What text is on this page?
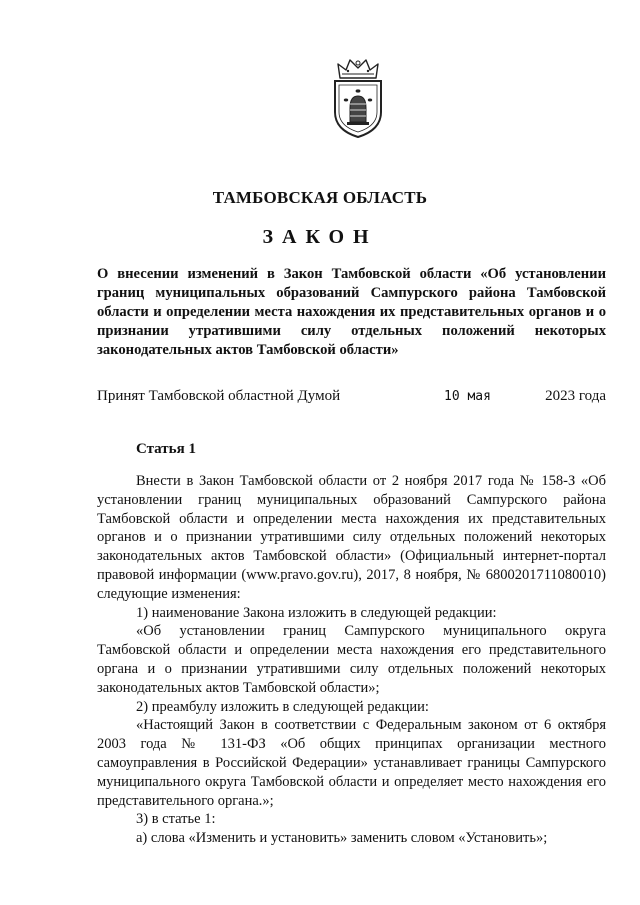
ТАМБОВСКАЯ ОБЛАСТЬ
ЗАКОН
О внесении изменений в Закон Тамбовской области «Об установлении границ муниципальных образований Сампурского района Тамбовской области и определении места нахождения их представительных органов и о признании утратившими силу отдельных положений некоторых законодательных актов Тамбовской области»
Принят Тамбовской областной Думой	10 мая	2023 года
Статья 1

Внести в Закон Тамбовской области от 2 ноября 2017 года № 158-З «Об установлении границ муниципальных образований Сампурского района Тамбовской области и определении места нахождения их представительных органов и о признании утратившими силу отдельных положений некоторых законодательных актов Тамбовской области» (Официальный интернет-портал правовой информации (www.pravo.gov.ru), 2017, 8 ноября, № 6800201711080010) следующие изменения:

1) наименование Закона изложить в следующей редакции:

«Об установлении границ Сампурского муниципального округа Тамбовской области и определении места нахождения его представительного органа и о признании утратившими силу отдельных положений некоторых законодательных актов Тамбовской области»;

2) преамбулу изложить в следующей редакции:

«Настоящий Закон в соответствии с Федеральным законом от 6 октября 2003 года № 131-ФЗ «Об общих принципах организации местного самоуправления в Российской Федерации» устанавливает границы Сампурского муниципального округа Тамбовской области и определяет место нахождения его представительного органа.»;

3) в статье 1:

а) слова «Изменить и установить» заменить словом «Установить»;
